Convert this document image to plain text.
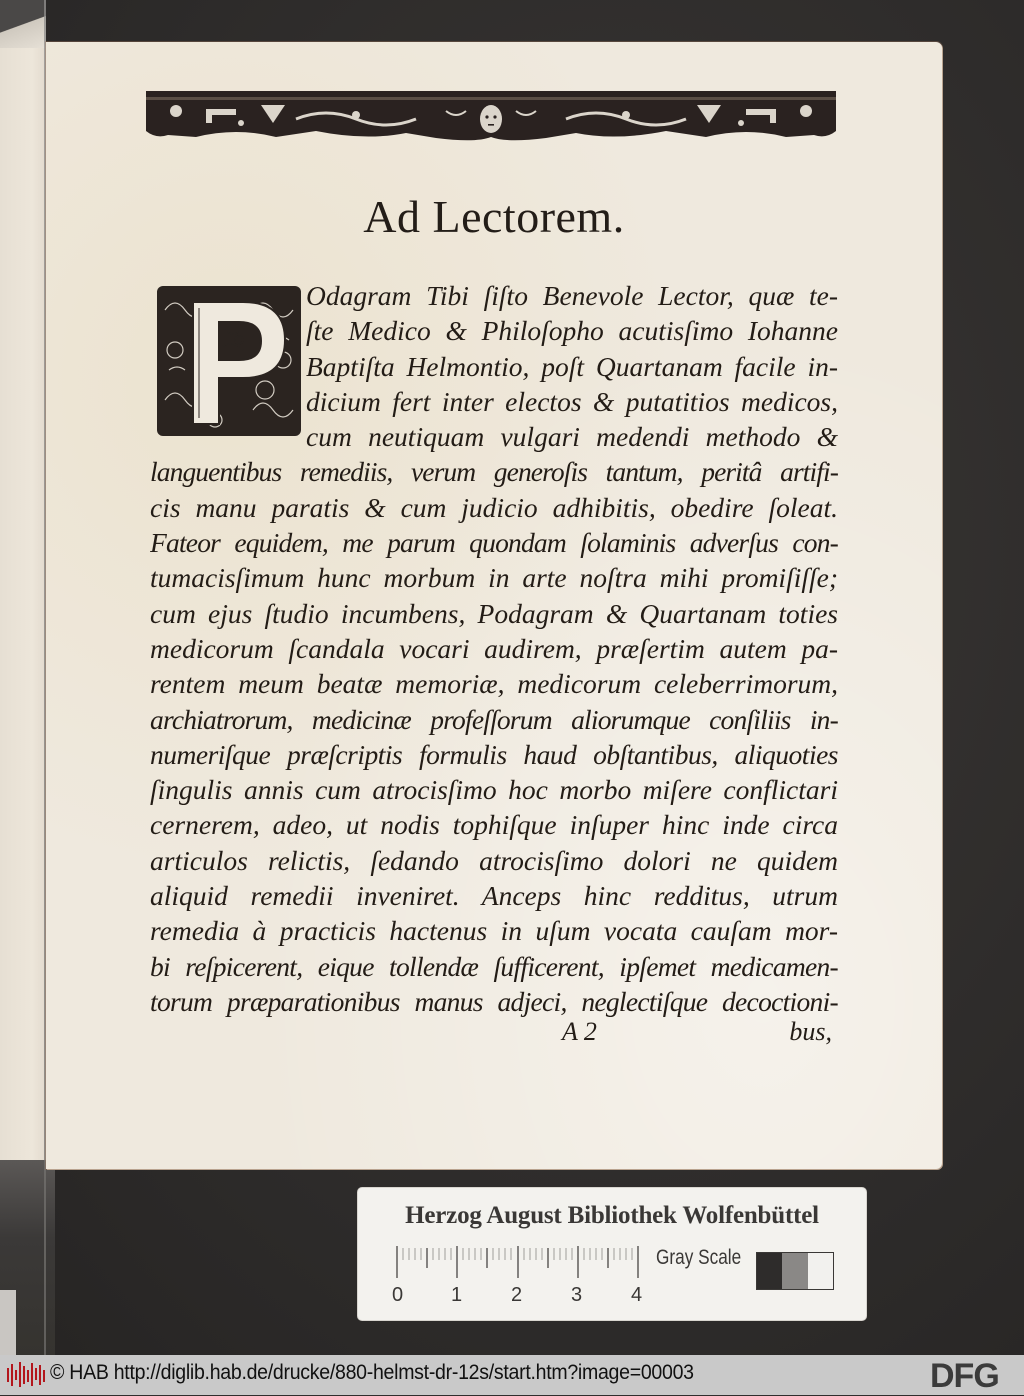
Ad Lectorem.
Odagram Tibi ſiſto Benevole Lector, quæ te-
ſte Medico & Philoſopho acutisſimo Iohanne
Baptiſta Helmontio, poſt Quartanam facile in-
dicium fert inter electos & putatitios medicos,
cum neutiquam vulgari medendi methodo &
languentibus remediis, verum generoſis tantum, peritâ artifi-
cis manu paratis & cum judicio adhibitis, obedire ſoleat.
Fateor equidem, me parum quondam ſolaminis adverſus con-
tumacisſimum hunc morbum in arte noſtra mihi promiſiſſe;
cum ejus ſtudio incumbens, Podagram & Quartanam toties
medicorum ſcandala vocari audirem, præſertim autem pa-
rentem meum beatæ memoriæ, medicorum celeberrimorum,
archiatrorum, medicinæ profeſſorum aliorumque conſiliis in-
numeriſque præſcriptis formulis haud obſtantibus, aliquoties
ſingulis annis cum atrocisſimo hoc morbo miſere conflictari
cernerem, adeo, ut nodis tophiſque inſuper hinc inde circa
articulos relictis, ſedando atrocisſimo dolori ne quidem
aliquid remedii inveniret. Anceps hinc redditus, utrum
remedia à practicis hactenus in uſum vocata cauſam mor-
bi reſpicerent, eique tollendæ ſufficerent, ipſemet medicamen-
torum præparationibus manus adjeci, neglectiſque decoctioni-
A 2	bus,
Herzog August Bibliothek Wolfenbüttel
0 1 2 3 4
Gray Scale
© HAB http://diglib.hab.de/drucke/880-helmst-dr-12s/start.htm?image=00003	DFG
